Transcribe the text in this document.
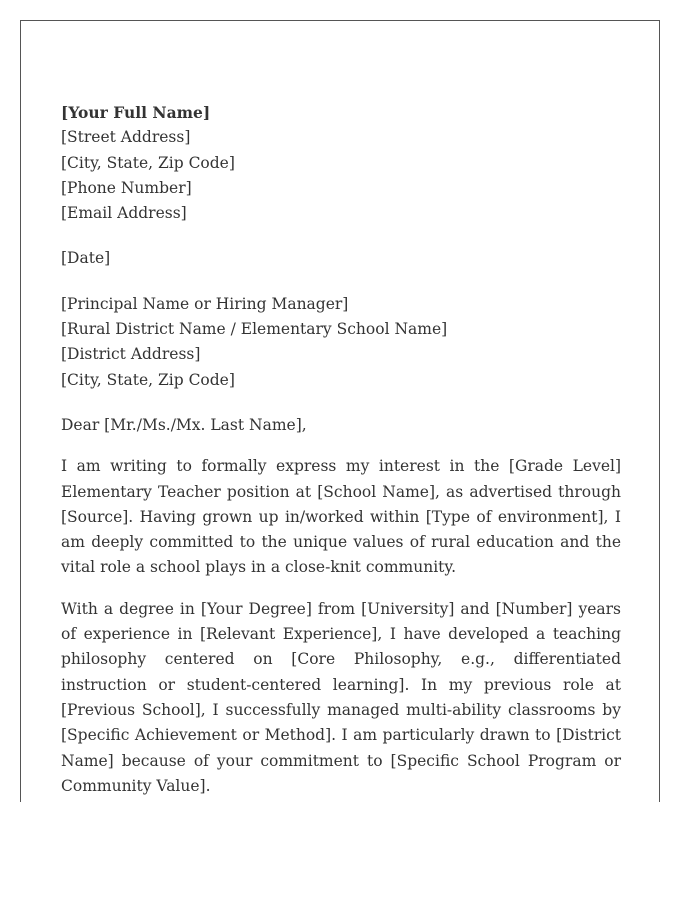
[Your Full Name]

[Street Address]

[City, State, Zip Code]

[Phone Number]

[Email Address]

[Date]

[Principal Name or Hiring Manager]

[Rural District Name / Elementary School Name]

[District Address]

[City, State, Zip Code]

Dear [Mr./Ms./Mx. Last Name],

I am writing to formally express my interest in the [Grade Level] Elementary Teacher position at [School Name], as advertised through [Source]. Having grown up in/worked within [Type of environment], I am deeply committed to the unique values of rural education and the vital role a school plays in a close-knit community.

With a degree in [Your Degree] from [University] and [Number] years of experience in [Relevant Experience], I have developed a teaching philosophy centered on [Core Philosophy, e.g., differentiated instruction or student-centered learning]. In my previous role at [Previous School], I successfully managed multi-ability classrooms by [Specific Achievement or Method]. I am particularly drawn to [District Name] because of your commitment to [Specific School Program or Community Value].
